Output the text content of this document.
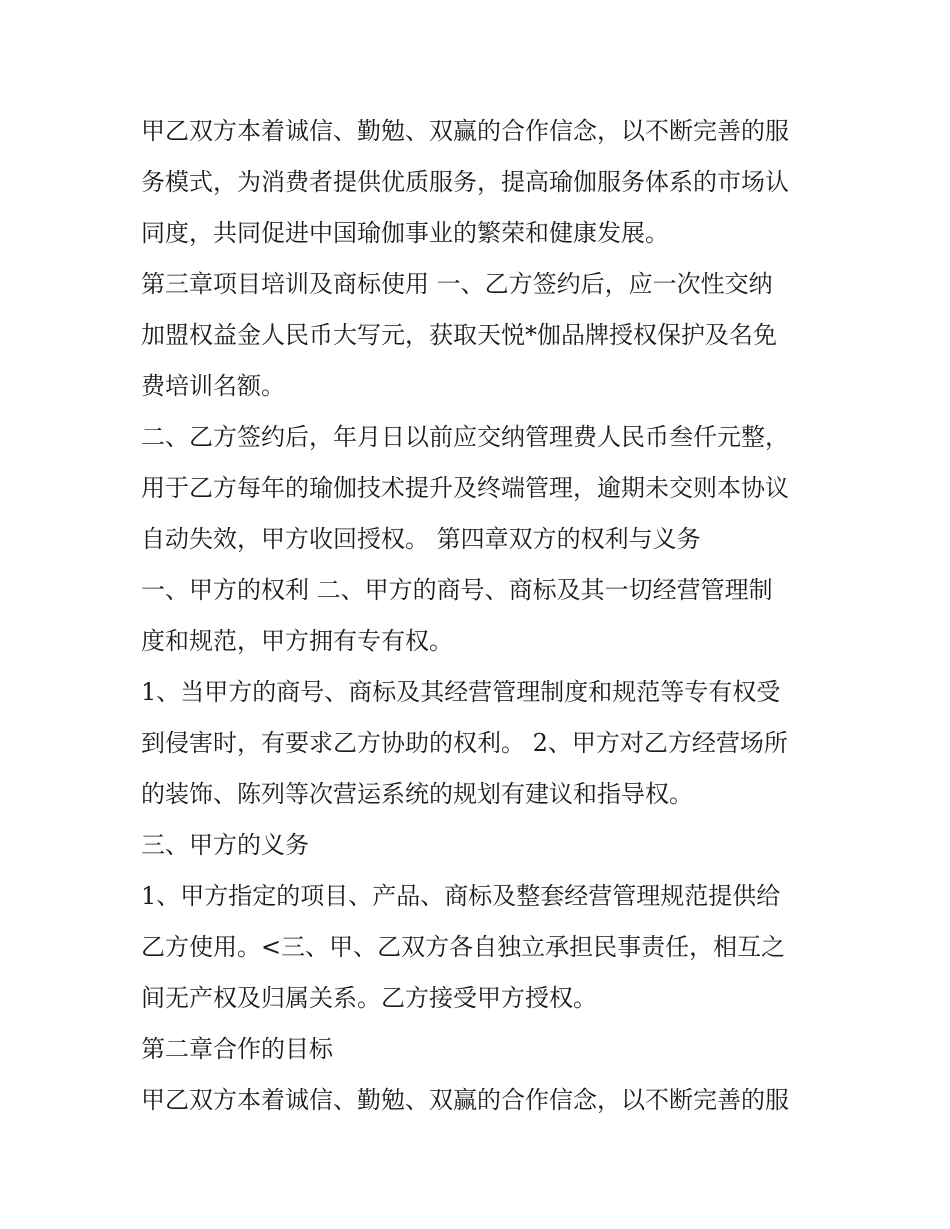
甲乙双方本着诚信、勤勉、双赢的合作信念，以不断完善的服
务模式，为消费者提供优质服务，提高瑜伽服务体系的市场认
同度，共同促进中国瑜伽事业的繁荣和健康发展。
第三章项目培训及商标使用 一、乙方签约后，应一次性交纳
加盟权益金人民币大写元，获取天悦*伽品牌授权保护及名免
费培训名额。
二、乙方签约后，年月日以前应交纳管理费人民币叁仟元整，
用于乙方每年的瑜伽技术提升及终端管理，逾期未交则本协议
自动失效，甲方收回授权。 第四章双方的权利与义务
一、甲方的权利 二、甲方的商号、商标及其一切经营管理制
度和规范，甲方拥有专有权。
1、当甲方的商号、商标及其经营管理制度和规范等专有权受
到侵害时，有要求乙方协助的权利。 2、甲方对乙方经营场所
的装饰、陈列等次营运系统的规划有建议和指导权。
三、甲方的义务
1、甲方指定的项目、产品、商标及整套经营管理规范提供给
乙方使用。<三、甲、乙双方各自独立承担民事责任，相互之
间无产权及归属关系。乙方接受甲方授权。
第二章合作的目标
甲乙双方本着诚信、勤勉、双赢的合作信念，以不断完善的服
